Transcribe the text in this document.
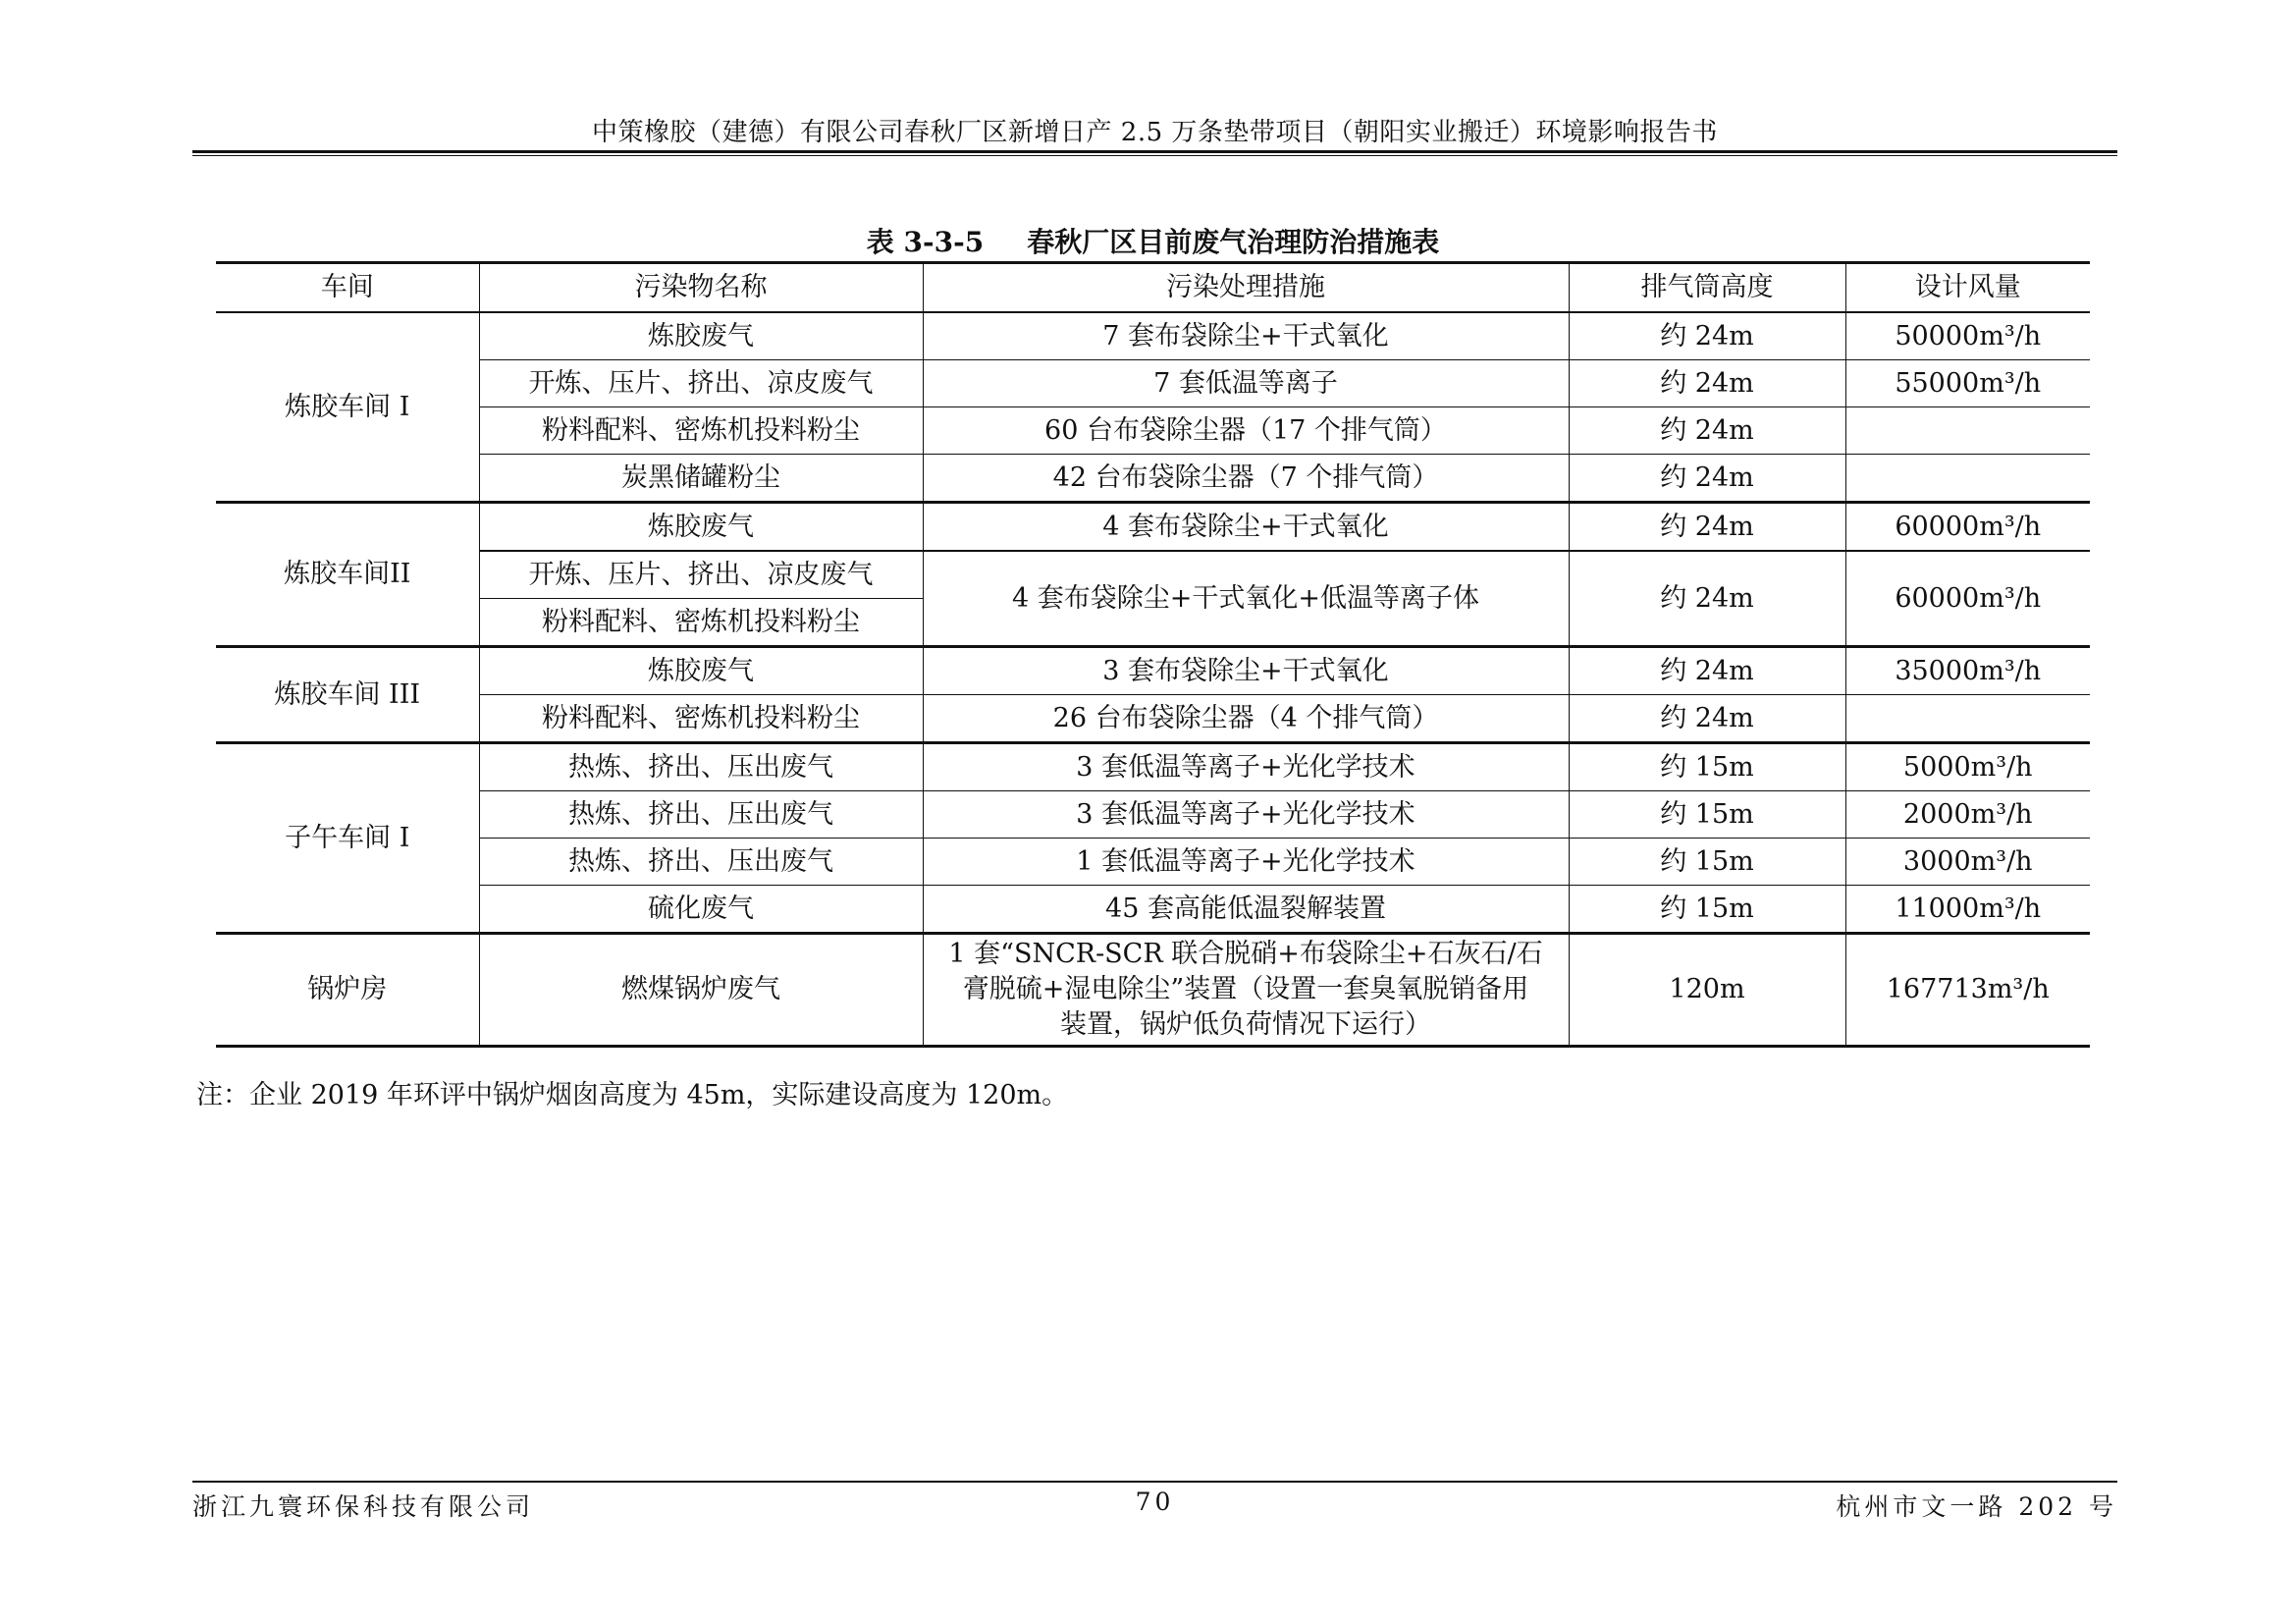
中策橡胶（建德）有限公司春秋厂区新增日产 2.5 万条垫带项目（朝阳实业搬迁）环境影响报告书
表 3-3-5 春秋厂区目前废气治理防治措施表
车间	污染物名称	污染处理措施	排气筒高度	设计风量
炼胶车间 I	炼胶废气	7 套布袋除尘+干式氧化	约 24m	50000m³/h
	开炼、压片、挤出、凉皮废气	7 套低温等离子	约 24m	55000m³/h
	粉料配料、密炼机投料粉尘	60 台布袋除尘器（17 个排气筒）	约 24m	
	炭黑储罐粉尘	42 台布袋除尘器（7 个排气筒）	约 24m	
炼胶车间II	炼胶废气	4 套布袋除尘+干式氧化	约 24m	60000m³/h
	开炼、压片、挤出、凉皮废气	4 套布袋除尘+干式氧化+低温等离子体	约 24m	60000m³/h
	粉料配料、密炼机投料粉尘			
炼胶车间 III	炼胶废气	3 套布袋除尘+干式氧化	约 24m	35000m³/h
	粉料配料、密炼机投料粉尘	26 台布袋除尘器（4 个排气筒）	约 24m	
子午车间 I	热炼、挤出、压出废气	3 套低温等离子+光化学技术	约 15m	5000m³/h
	热炼、挤出、压出废气	3 套低温等离子+光化学技术	约 15m	2000m³/h
	热炼、挤出、压出废气	1 套低温等离子+光化学技术	约 15m	3000m³/h
	硫化废气	45 套高能低温裂解装置	约 15m	11000m³/h
锅炉房	燃煤锅炉废气	1 套“SNCR-SCR 联合脱硝+布袋除尘+石灰石/石
膏脱硫+湿电除尘”装置（设置一套臭氧脱销备用
装置，锅炉低负荷情况下运行）	120m	167713m³/h
注：企业 2019 年环评中锅炉烟囱高度为 45m，实际建设高度为 120m。
浙江九寰环保科技有限公司	70	杭州市文一路 202 号
